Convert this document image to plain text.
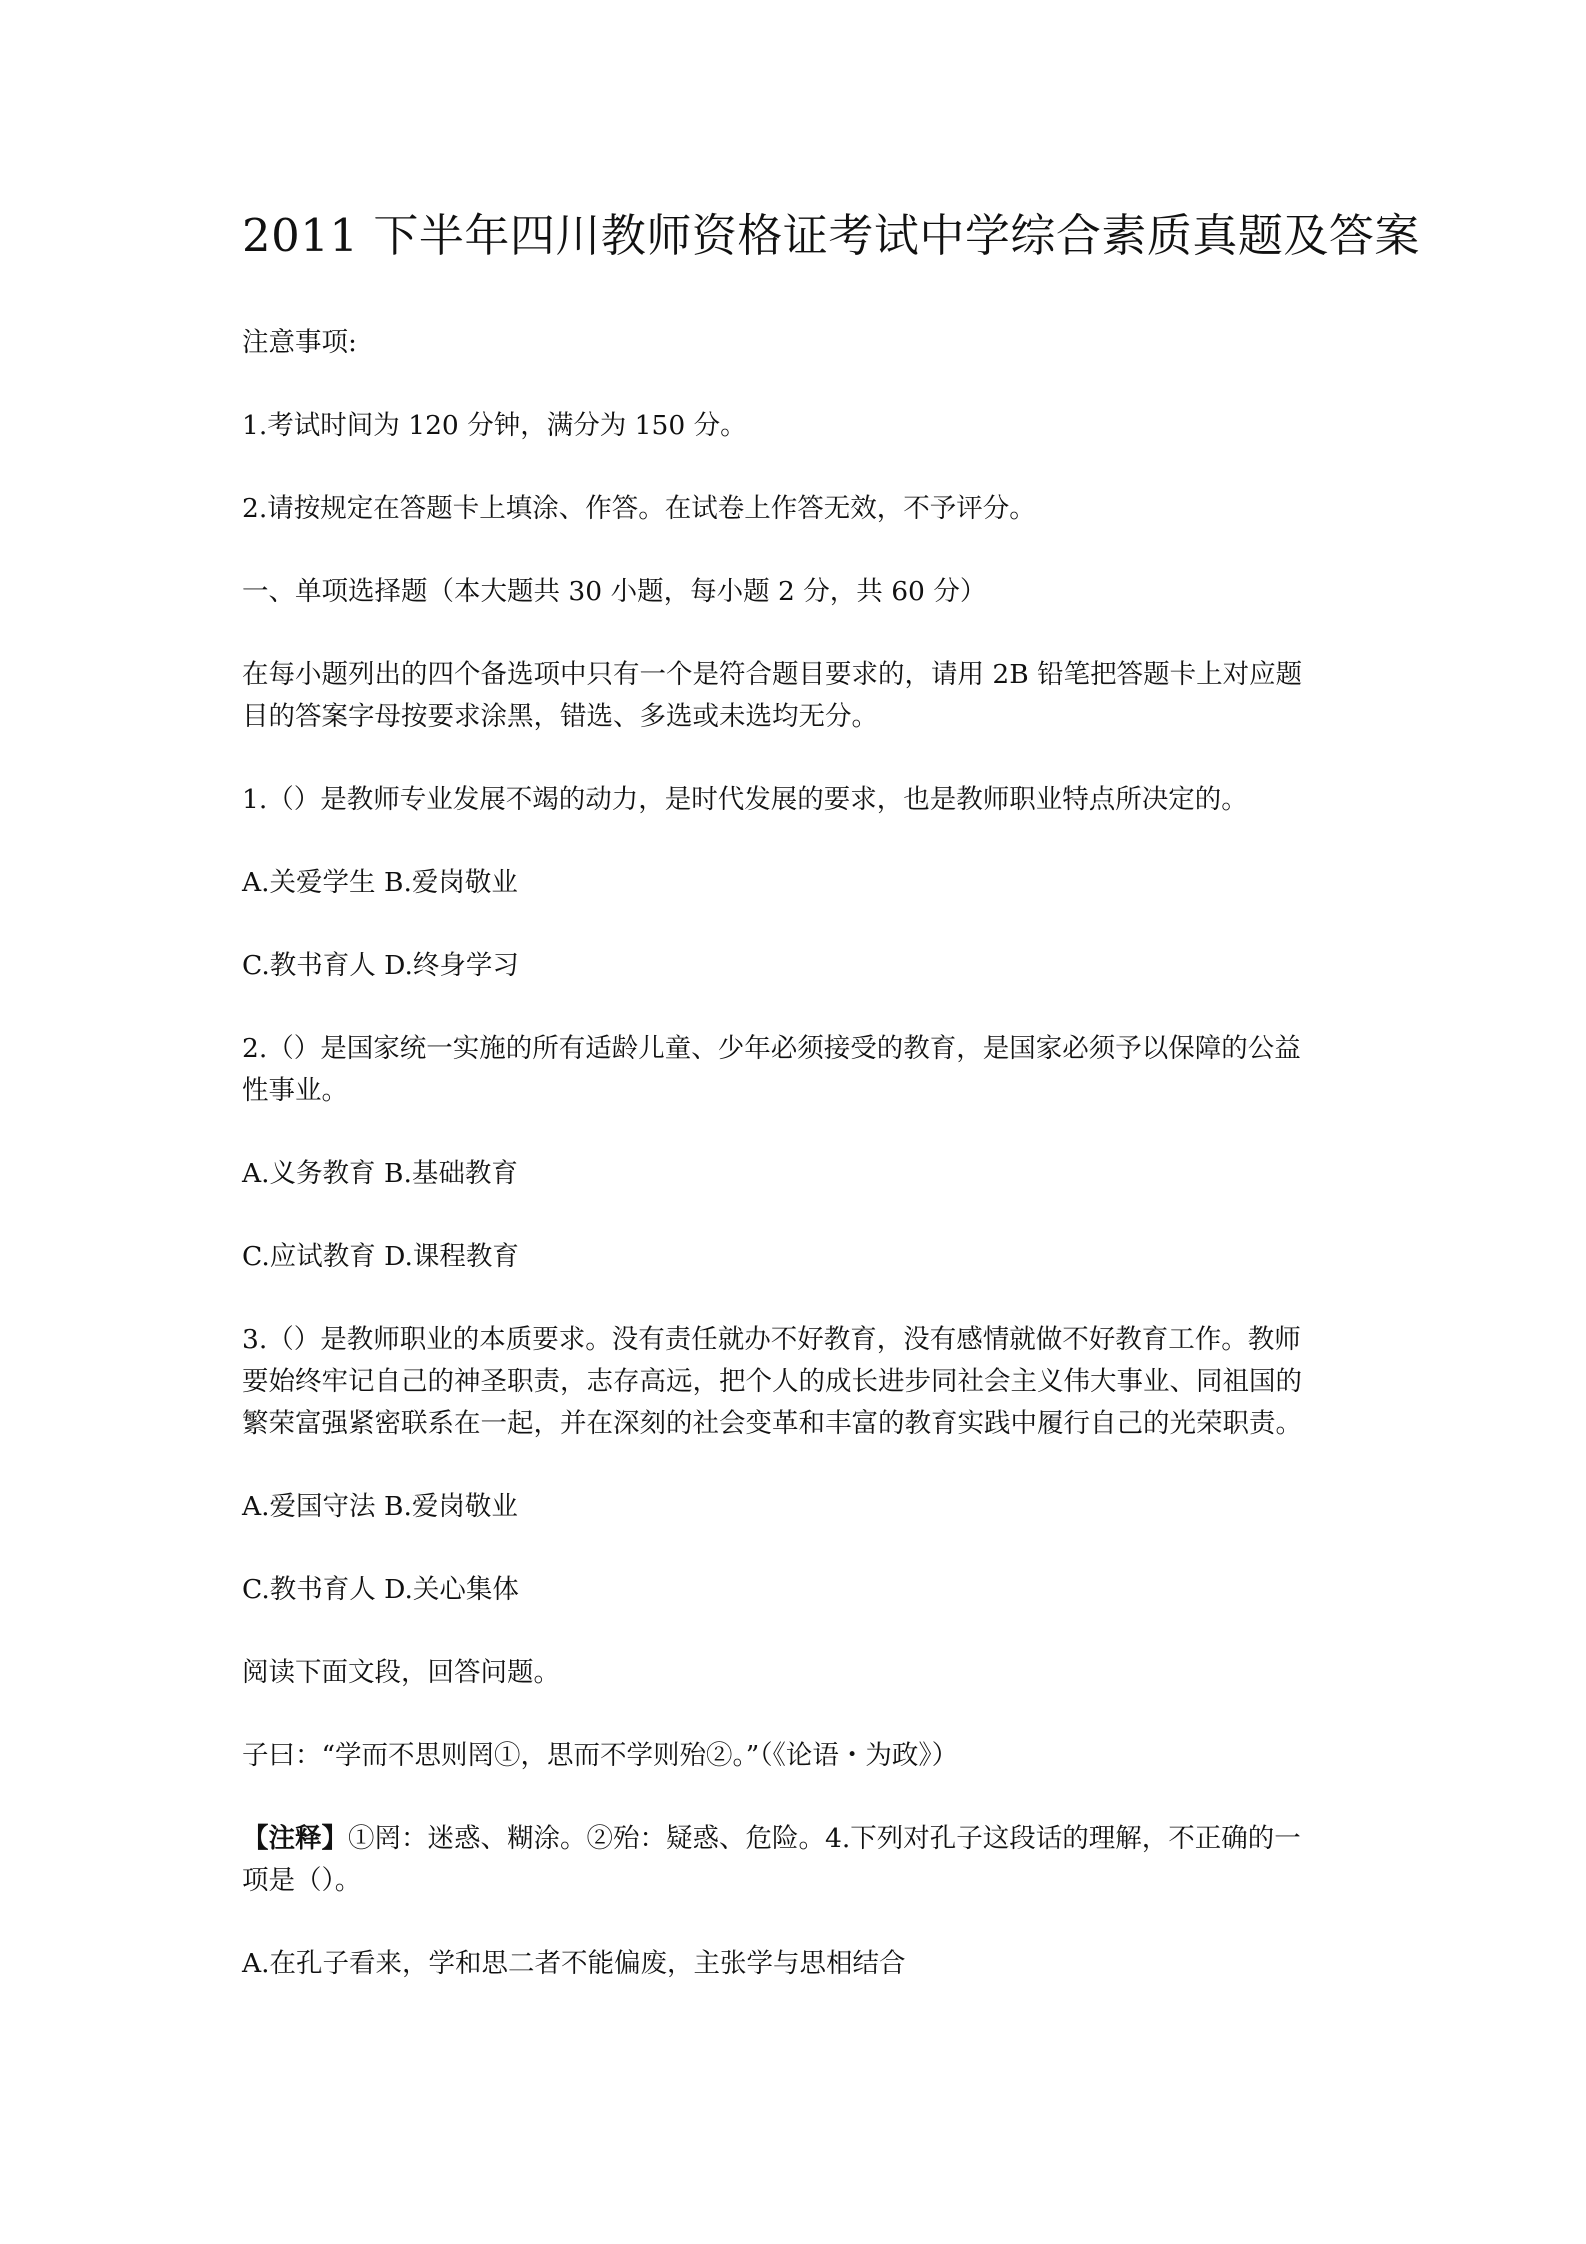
2011 下半年四川教师资格证考试中学综合素质真题及答案
注意事项:
1.考试时间为 120 分钟，满分为 150 分。
2.请按规定在答题卡上填涂、作答。在试卷上作答无效，不予评分。
一、单项选择题（本大题共 30 小题，每小题 2 分，共 60 分）
在每小题列出的四个备选项中只有一个是符合题目要求的，请用 2B 铅笔把答题卡上对应题
目的答案字母按要求涂黑，错选、多选或未选均无分。
1.（）是教师专业发展不竭的动力，是时代发展的要求，也是教师职业特点所决定的。
A.关爱学生 B.爱岗敬业
C.教书育人 D.终身学习
2.（）是国家统一实施的所有适龄儿童、少年必须接受的教育，是国家必须予以保障的公益
性事业。
A.义务教育 B.基础教育
C.应试教育 D.课程教育
3.（）是教师职业的本质要求。没有责任就办不好教育，没有感情就做不好教育工作。教师
要始终牢记自己的神圣职责，志存高远，把个人的成长进步同社会主义伟大事业、同祖国的
繁荣富强紧密联系在一起，并在深刻的社会变革和丰富的教育实践中履行自己的光荣职责。
A.爱国守法 B.爱岗敬业
C.教书育人 D.关心集体
阅读下面文段，回答问题。
子曰：“学而不思则罔①，思而不学则殆②。”（《论语・为政》）
【注释】①罔：迷惑、糊涂。②殆：疑惑、危险。4.下列对孔子这段话的理解，不正确的一
项是（）。
A.在孔子看来，学和思二者不能偏废，主张学与思相结合
